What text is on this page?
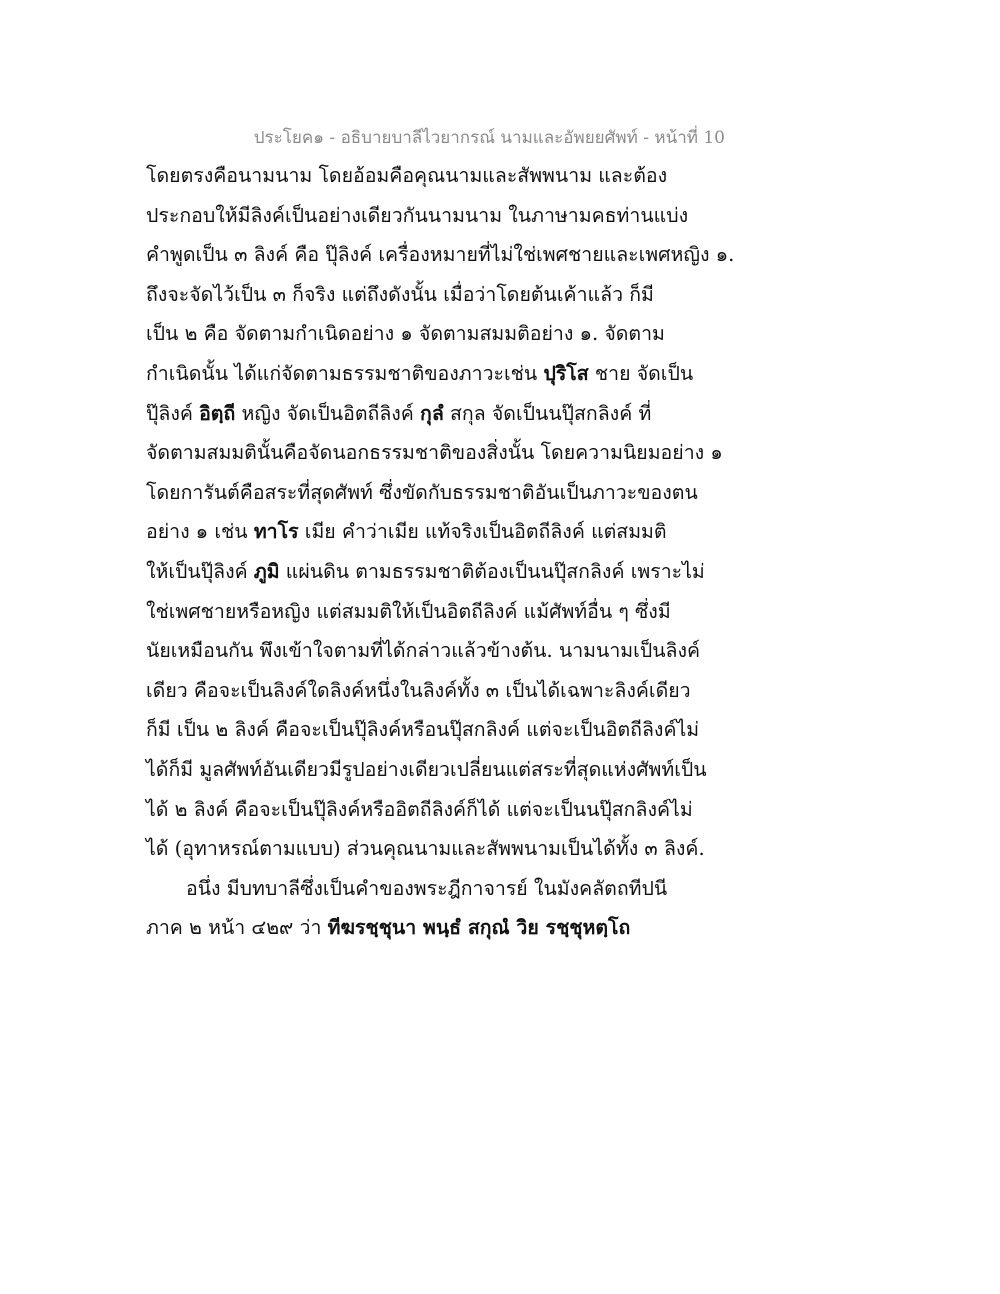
ประโยค๑ - อธิบายบาลีไวยากรณ์ นามและอัพยยศัพท์ - หน้าที่ 10
โดยตรงคือนามนาม โดยอ้อมคือคุณนามและสัพพนาม และต้อง
ประกอบให้มีลิงค์เป็นอย่างเดียวกันนามนาม ในภาษามคธท่านแบ่ง
คำพูดเป็น ๓ ลิงค์ คือ ปุ๊ลิงค์ เครื่องหมายที่ไม่ใช่เพศชายและเพศหญิง ๑.
ถึงจะจัดไว้เป็น ๓ ก็จริง แต่ถึงดังนั้น เมื่อว่าโดยต้นเค้าแล้ว ก็มี
เป็น ๒ คือ จัดตามกำเนิดอย่าง ๑ จัดตามสมมติอย่าง ๑. จัดตาม
กำเนิดนั้น ได้แก่จัดตามธรรมชาติของภาวะเช่น ปุริโส ชาย จัดเป็น
ปุ๊ลิงค์ อิตฺถี หญิง จัดเป็นอิตถีลิงค์ กุลํ สกุล จัดเป็นนปุ๊สกลิงค์ ที่
จัดตามสมมตินั้นคือจัดนอกธรรมชาติของสิ่งนั้น โดยความนิยมอย่าง ๑
โดยการันต์คือสระที่สุดศัพท์ ซึ่งขัดกับธรรมชาติอันเป็นภาวะของตน
อย่าง ๑ เช่น ทาโร เมีย คำว่าเมีย แท้จริงเป็นอิตถีลิงค์ แต่สมมติ
ให้เป็นปุ๊ลิงค์ ภูมิ แผ่นดิน ตามธรรมชาติต้องเป็นนปุ๊สกลิงค์ เพราะไม่
ใช่เพศชายหรือหญิง แต่สมมติให้เป็นอิตถีลิงค์ แม้ศัพท์อื่น ๆ ซึ่งมี
นัยเหมือนกัน พึงเข้าใจตามที่ได้กล่าวแล้วข้างต้น. นามนามเป็นลิงค์
เดียว คือจะเป็นลิงค์ใดลิงค์หนึ่งในลิงค์ทั้ง ๓ เป็นได้เฉพาะลิงค์เดียว
ก็มี เป็น ๒ ลิงค์ คือจะเป็นปุ๊ลิงค์หรือนปุ๊สกลิงค์ แต่จะเป็นอิตถีลิงค์ไม่
ได้ก็มี มูลศัพท์อันเดียวมีรูปอย่างเดียวเปลี่ยนแต่สระที่สุดแห่งศัพท์เป็น
ได้ ๒ ลิงค์ คือจะเป็นปุ๊ลิงค์หรืออิตถีลิงค์ก็ได้ แต่จะเป็นนปุ๊สกลิงค์ไม่
ได้ (อุทาหรณ์ตามแบบ) ส่วนคุณนามและสัพพนามเป็นได้ทั้ง ๓ ลิงค์.
อนึ่ง มีบทบาลีซึ่งเป็นคำของพระฎีกาจารย์ ในมังคลัตถทีปนี
ภาค ๒ หน้า ๔๒๙ ว่า ทีฆรชฺชุนา พนฺธํ สกุณํ วิย รชฺชุหตฺโถ
